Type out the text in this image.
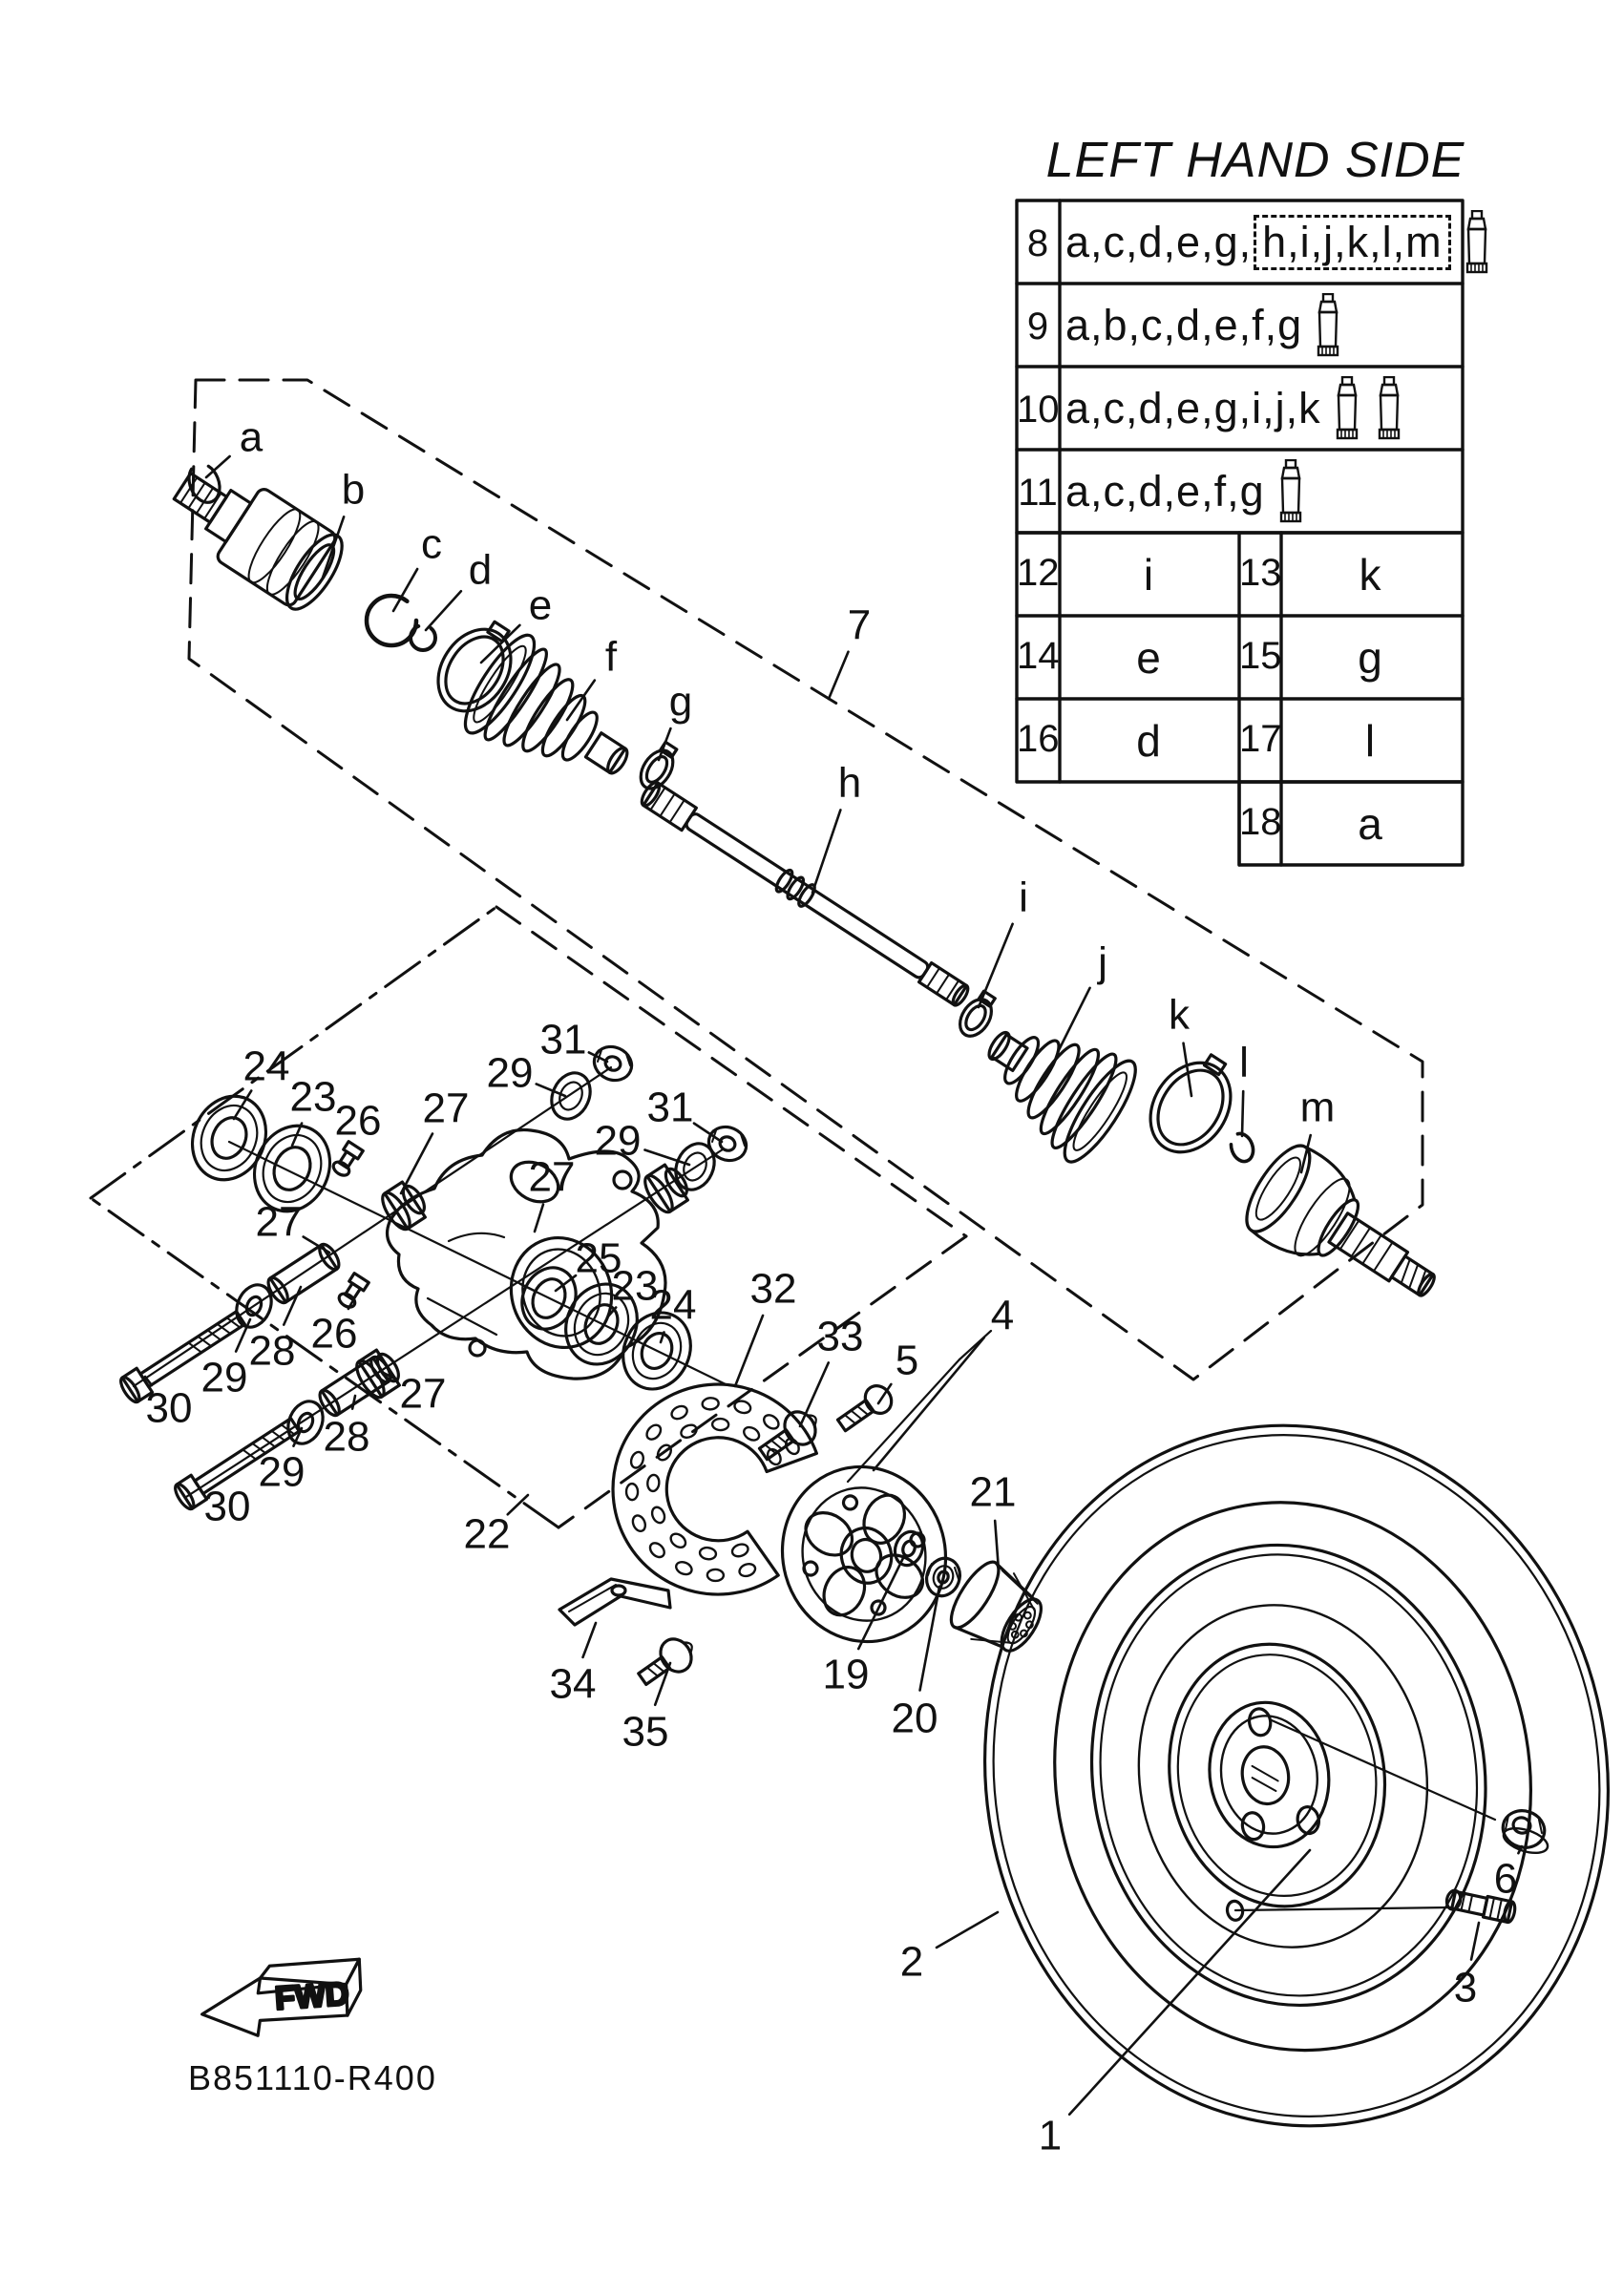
a
b
c
d
e
f
g
7
h
i
j
k
l
m
24
23
26 27
29
31
31
29
27
27
25
23
24
26
27
28
29
30
28
29
30
32
33
5
4
21
19
20
22
34
35
2
1
6
3
FWD
LEFT HAND SIDE
8 a,c,d,e,g, h,i,j,k,l,m
9 a,b,c,d,e,f,g
10 a,c,d,e,g,i,j,k
11 a,c,d,e,f,g
12	i	13	k
14	e	15	g
16	d	17	l
18	a
B851110-R400
